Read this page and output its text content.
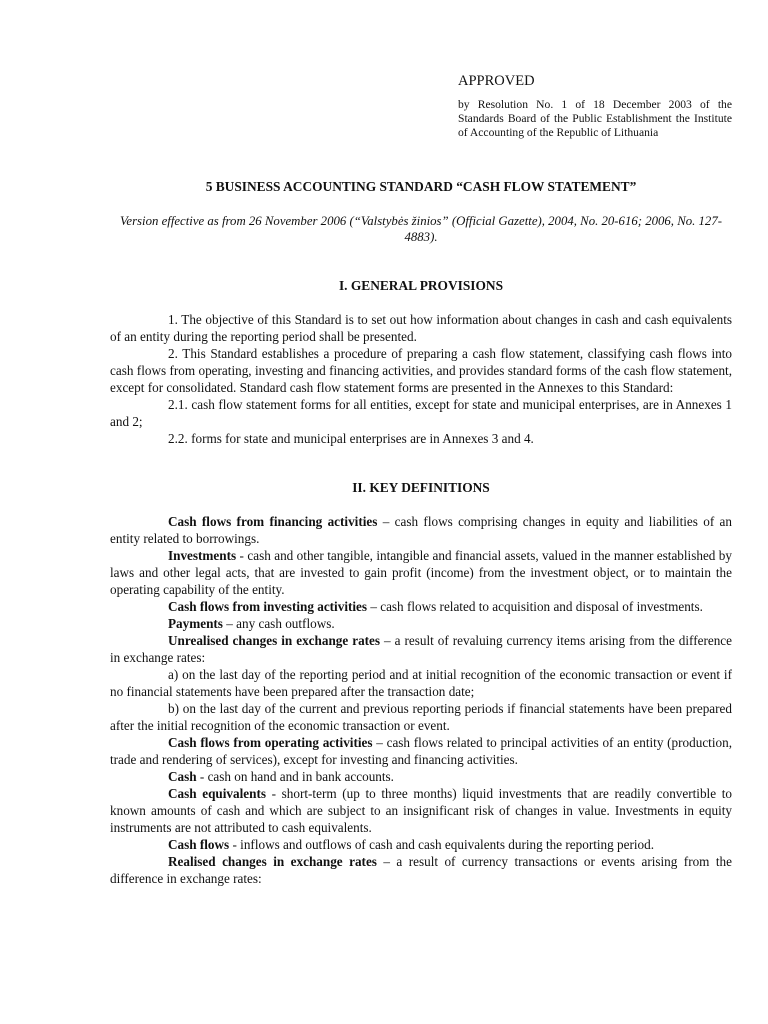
APPROVED
by Resolution No. 1 of 18 December 2003 of the Standards Board of the Public Establishment the Institute of Accounting of the Republic of Lithuania
5 BUSINESS ACCOUNTING STANDARD “CASH FLOW STATEMENT”
Version effective as from 26 November 2006 (“Valstybės žinios” (Official Gazette), 2004, No. 20-616; 2006, No. 127-4883).
I. GENERAL PROVISIONS

1. The objective of this Standard is to set out how information about changes in cash and cash equivalents of an entity during the reporting period shall be presented.

2. This Standard establishes a procedure of preparing a cash flow statement, classifying cash flows into cash flows from operating, investing and financing activities, and provides standard forms of the cash flow statement, except for consolidated. Standard cash flow statement forms are presented in the Annexes to this Standard:

2.1. cash flow statement forms for all entities, except for state and municipal enterprises, are in Annexes 1 and 2;

2.2. forms for state and municipal enterprises are in Annexes 3 and 4.

II. KEY DEFINITIONS

Cash flows from financing activities – cash flows comprising changes in equity and liabilities of an entity related to borrowings.

Investments - cash and other tangible, intangible and financial assets, valued in the manner established by laws and other legal acts, that are invested to gain profit (income) from the investment object, or to maintain the operating capability of the entity.

Cash flows from investing activities – cash flows related to acquisition and disposal of investments.

Payments – any cash outflows.

Unrealised changes in exchange rates – a result of revaluing currency items arising from the difference in exchange rates:

a) on the last day of the reporting period and at initial recognition of the economic transaction or event if no financial statements have been prepared after the transaction date;

b) on the last day of the current and previous reporting periods if financial statements have been prepared after the initial recognition of the economic transaction or event.

Cash flows from operating activities – cash flows related to principal activities of an entity (production, trade and rendering of services), except for investing and financing activities.

Cash - cash on hand and in bank accounts.

Cash equivalents - short-term (up to three months) liquid investments that are readily convertible to known amounts of cash and which are subject to an insignificant risk of changes in value. Investments in equity instruments are not attributed to cash equivalents.

Cash flows - inflows and outflows of cash and cash equivalents during the reporting period.

Realised changes in exchange rates – a result of currency transactions or events arising from the difference in exchange rates:
